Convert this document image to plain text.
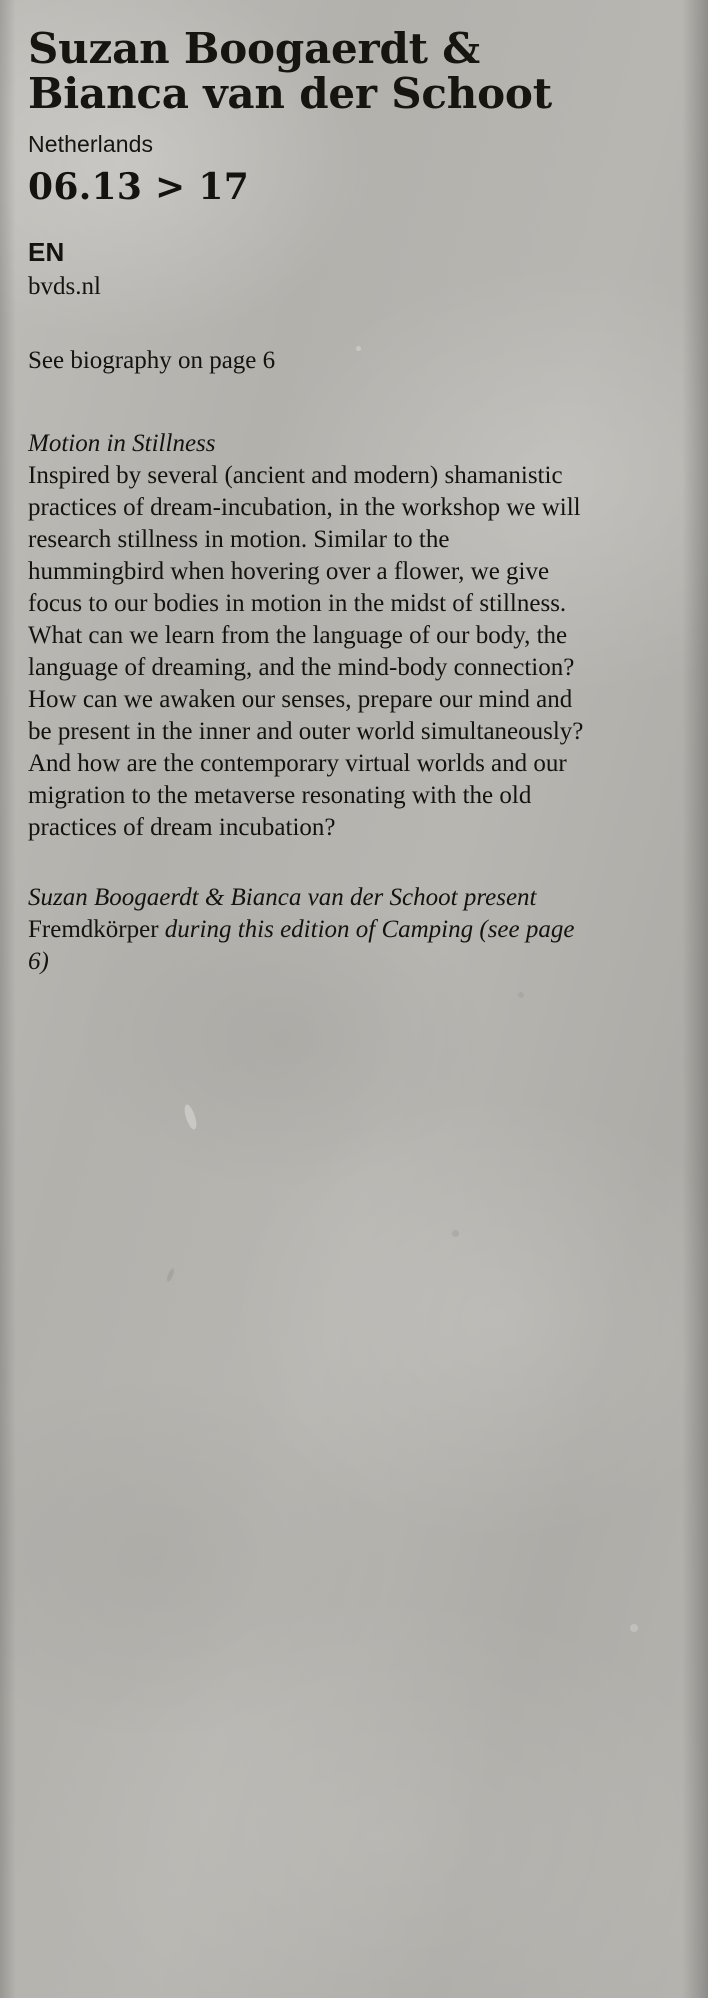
Suzan Boogaerdt & Bianca van der Schoot Netherlands

06.13 > 17

EN

bvds.nl

See biography on page 6

Motion in Stillness

Inspired by several (ancient and modern) shamanistic practices of dream-incubation, in the workshop we will research stillness in motion. Similar to the hummingbird when hovering over a flower, we give focus to our bodies in motion in the midst of stillness. What can we learn from the language of our body, the language of dreaming, and the mind-body connection? How can we awaken our senses, prepare our mind and be present in the inner and outer world simultaneously? And how are the contemporary virtual worlds and our migration to the metaverse resonating with the old practices of dream incubation?

Suzan Boogaerdt & Bianca van der Schoot present Fremdkörper during this edition of Camping (see page 6)
